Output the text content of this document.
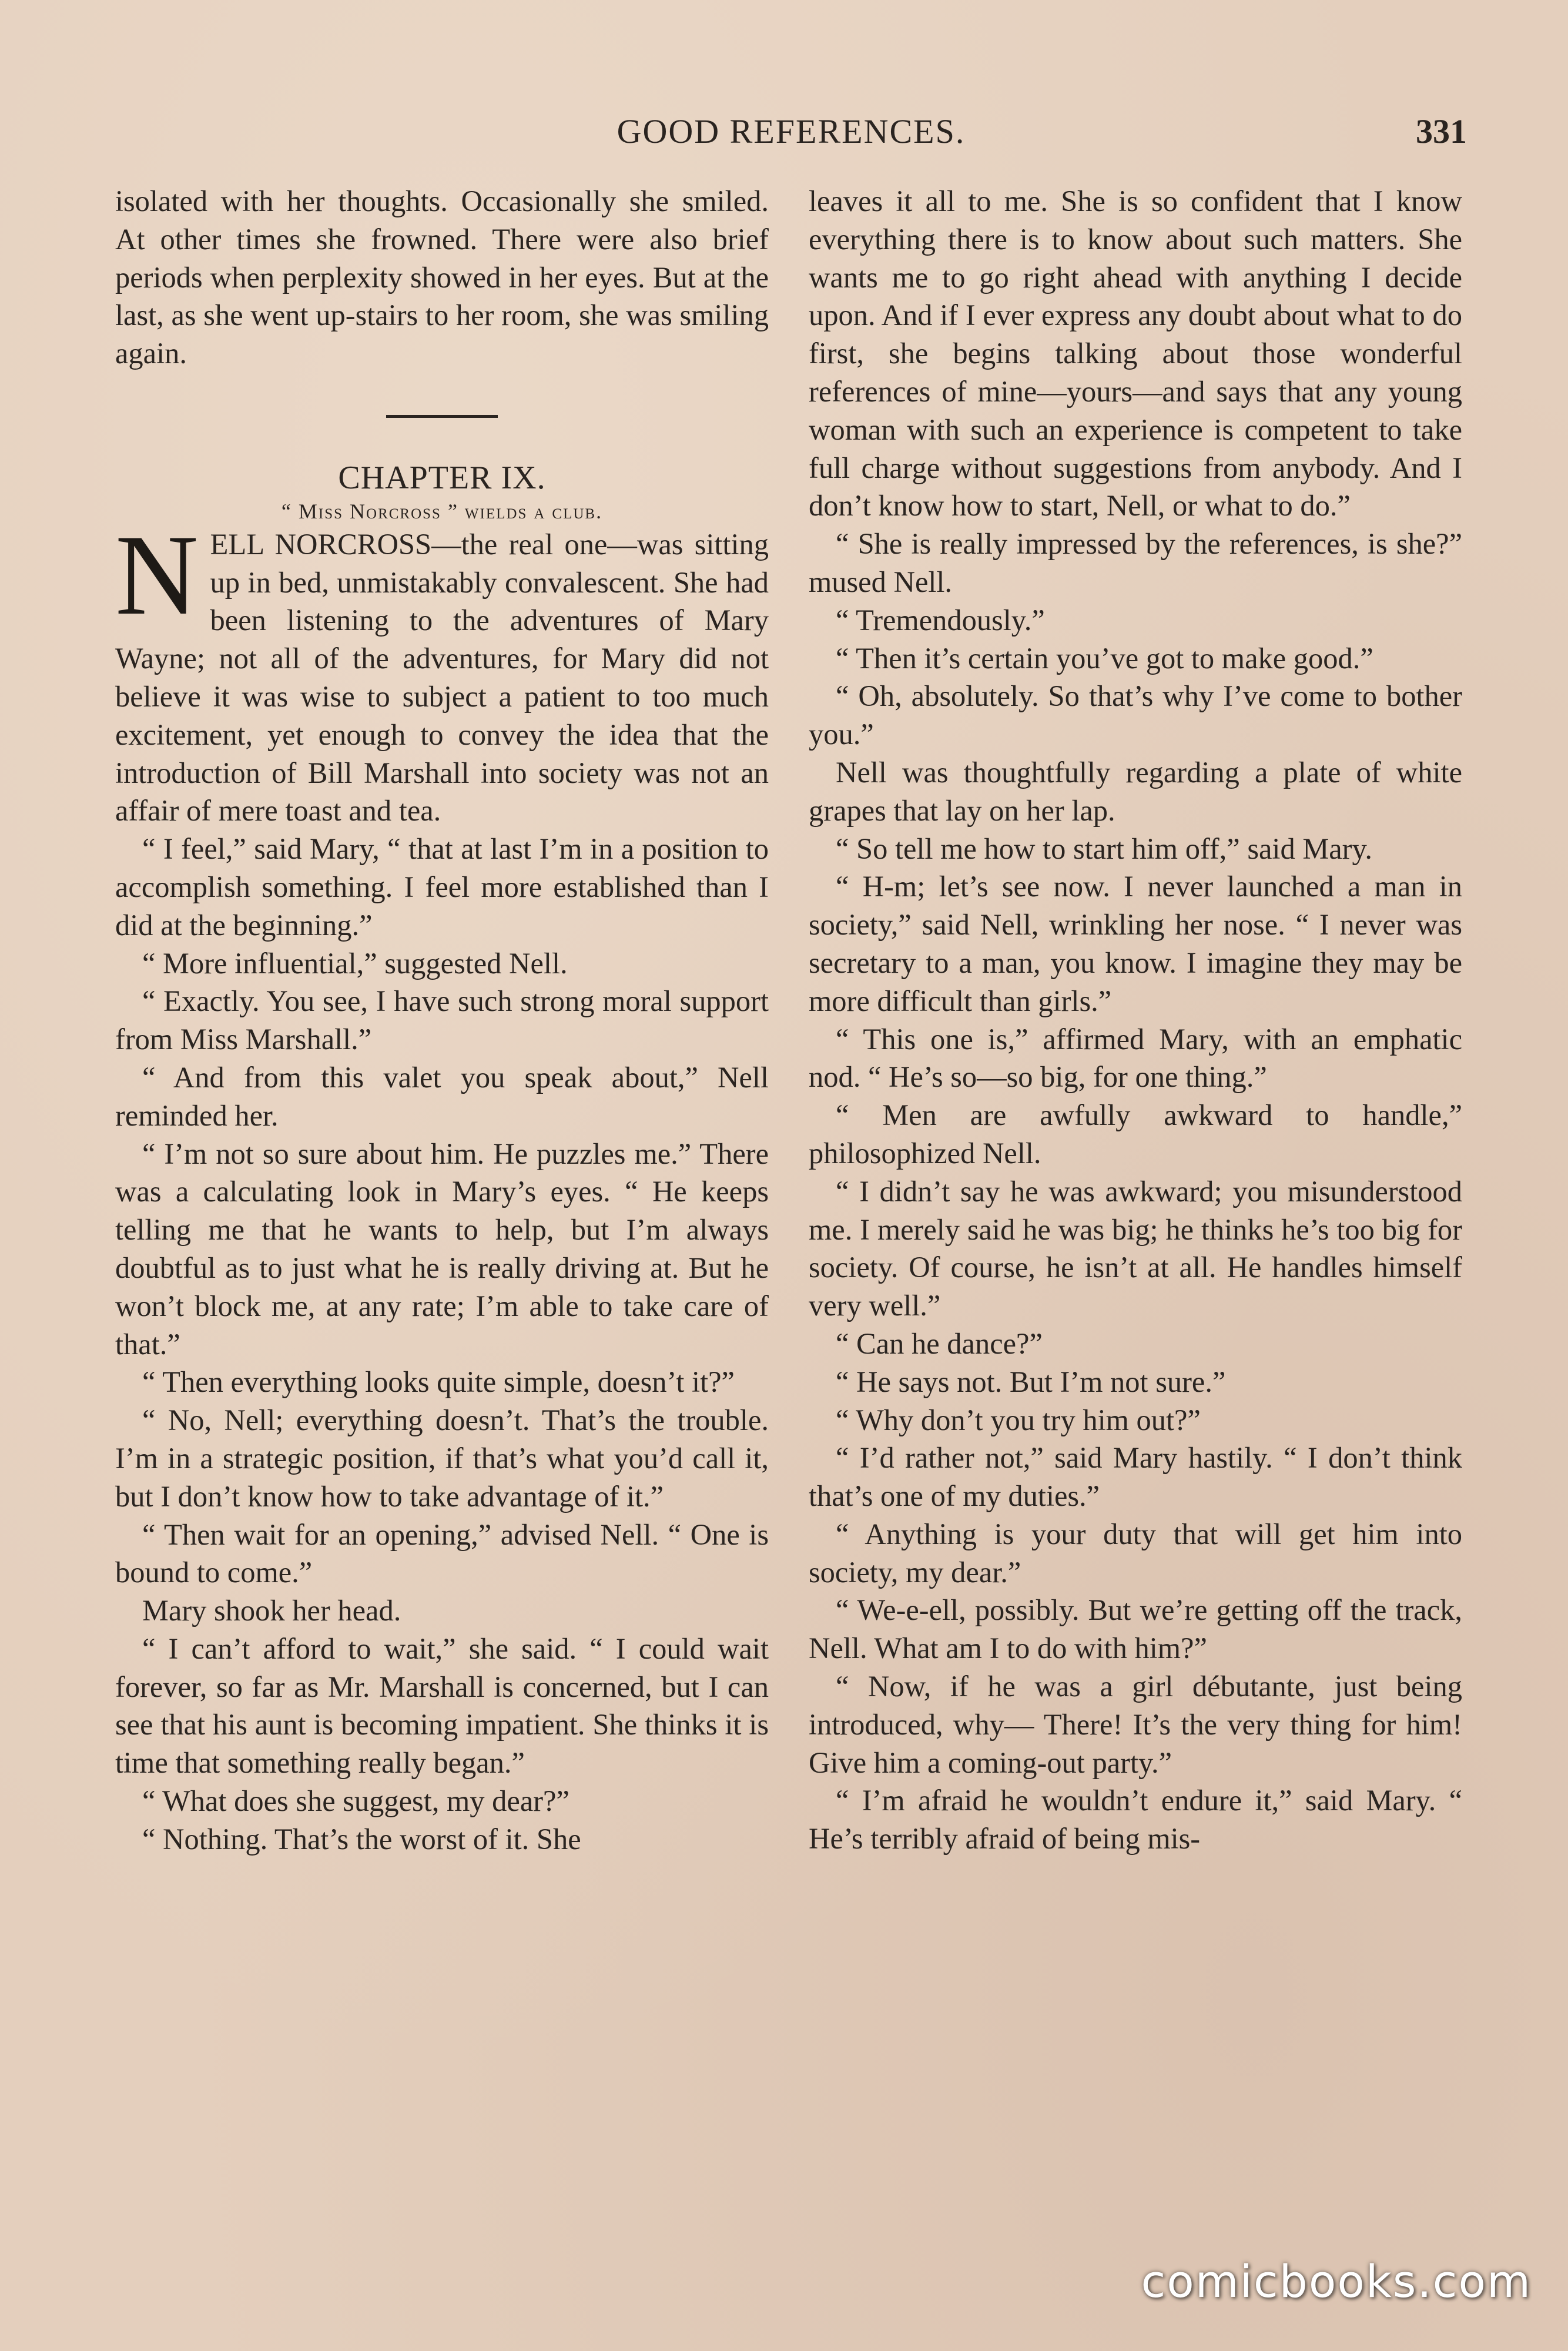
GOOD REFERENCES.	331

isolated with her thoughts. Occasionally she smiled. At other times she frowned. There were also brief periods when perplexity showed in her eyes. But at the last, as she went up-stairs to her room, she was smiling again.

CHAPTER IX.

“ Miss Norcross ” wields a club.

NELL NORCROSS—the real one—was sitting up in bed, unmistakably convalescent. She had been listening to the adventures of Mary Wayne; not all of the adventures, for Mary did not believe it was wise to subject a patient to too much excitement, yet enough to convey the idea that the introduction of Bill Marshall into society was not an affair of mere toast and tea.

“ I feel,” said Mary, “ that at last I’m in a position to accomplish something. I feel more established than I did at the beginning.”

“ More influential,” suggested Nell.

“ Exactly. You see, I have such strong moral support from Miss Marshall.”

“ And from this valet you speak about,” Nell reminded her.

“ I’m not so sure about him. He puzzles me.” There was a calculating look in Mary’s eyes. “ He keeps telling me that he wants to help, but I’m always doubtful as to just what he is really driving at. But he won’t block me, at any rate; I’m able to take care of that.”

“ Then everything looks quite simple, doesn’t it?”

“ No, Nell; everything doesn’t. That’s the trouble. I’m in a strategic position, if that’s what you’d call it, but I don’t know how to take advantage of it.”

“ Then wait for an opening,” advised Nell. “ One is bound to come.”

Mary shook her head.

“ I can’t afford to wait,” she said. “ I could wait forever, so far as Mr. Marshall is concerned, but I can see that his aunt is becoming impatient. She thinks it is time that something really began.”

“ What does she suggest, my dear?”

“ Nothing. That’s the worst of it. She

leaves it all to me. She is so confident that I know everything there is to know about such matters. She wants me to go right ahead with anything I decide upon. And if I ever express any doubt about what to do first, she begins talking about those wonderful references of mine—yours—and says that any young woman with such an experience is competent to take full charge without suggestions from anybody. And I don’t know how to start, Nell, or what to do.”

“ She is really impressed by the references, is she?” mused Nell.

“ Tremendously.”

“ Then it’s certain you’ve got to make good.”

“ Oh, absolutely. So that’s why I’ve come to bother you.”

Nell was thoughtfully regarding a plate of white grapes that lay on her lap.

“ So tell me how to start him off,” said Mary.

“ H-m; let’s see now. I never launched a man in society,” said Nell, wrinkling her nose. “ I never was secretary to a man, you know. I imagine they may be more difficult than girls.”

“ This one is,” affirmed Mary, with an emphatic nod. “ He’s so—so big, for one thing.”

“ Men are awfully awkward to handle,” philosophized Nell.

“ I didn’t say he was awkward; you misunderstood me. I merely said he was big; he thinks he’s too big for society. Of course, he isn’t at all. He handles himself very well.”

“ Can he dance?”

“ He says not. But I’m not sure.”

“ Why don’t you try him out?”

“ I’d rather not,” said Mary hastily. “ I don’t think that’s one of my duties.”

“ Anything is your duty that will get him into society, my dear.”

“ We-e-ell, possibly. But we’re getting off the track, Nell. What am I to do with him?”

“ Now, if he was a girl débutante, just being introduced, why— There! It’s the very thing for him! Give him a coming-out party.”

“ I’m afraid he wouldn’t endure it,” said Mary. “ He’s terribly afraid of being mis-

comicbooks.com
